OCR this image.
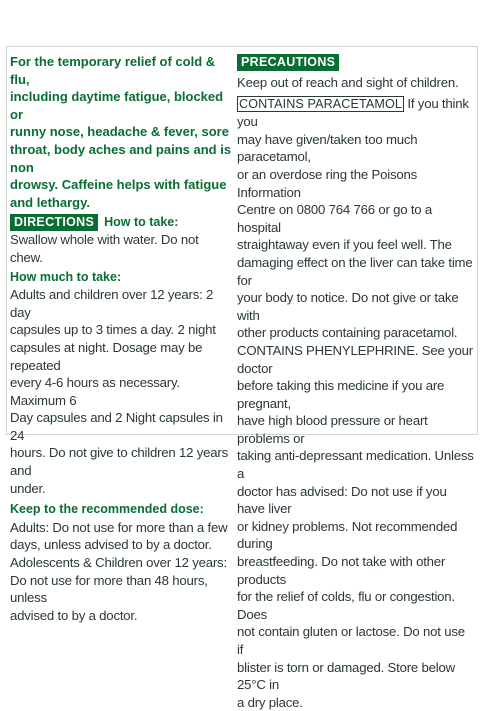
For the temporary relief of cold & flu,
including daytime fatigue, blocked or
runny nose, headache & fever, sore
throat, body aches and pains and is non
drowsy. Caffeine helps with fatigue
and lethargy.

DIRECTIONS How to take:

Swallow whole with water. Do not chew.

How much to take:

Adults and children over 12 years: 2 day
capsules up to 3 times a day. 2 night
capsules at night. Dosage may be repeated
every 4-6 hours as necessary. Maximum 6
Day capsules and 2 Night capsules in 24
hours. Do not give to children 12 years and
under.

Keep to the recommended dose:

Adults: Do not use for more than a few
days, unless advised to by a doctor.

Adolescents & Children over 12 years:
Do not use for more than 48 hours, unless
advised to by a doctor.

PRECAUTIONS

Keep out of reach and sight of children.

CONTAINS PARACETAMOL If you think you
may have given/taken too much paracetamol,
or an overdose ring the Poisons Information
Centre on 0800 764 766 or go to a hospital
straightaway even if you feel well. The
damaging effect on the liver can take time for
your body to notice. Do not give or take with
other products containing paracetamol.

CONTAINS PHENYLEPHRINE. See your doctor
before taking this medicine if you are pregnant,
have high blood pressure or heart problems or
taking anti-depressant medication. Unless a
doctor has advised: Do not use if you have liver
or kidney problems. Not recommended during
breastfeeding. Do not take with other products
for the relief of colds, flu or congestion. Does
not contain gluten or lactose. Do not use if
blister is torn or damaged. Store below 25°C in
a dry place.
